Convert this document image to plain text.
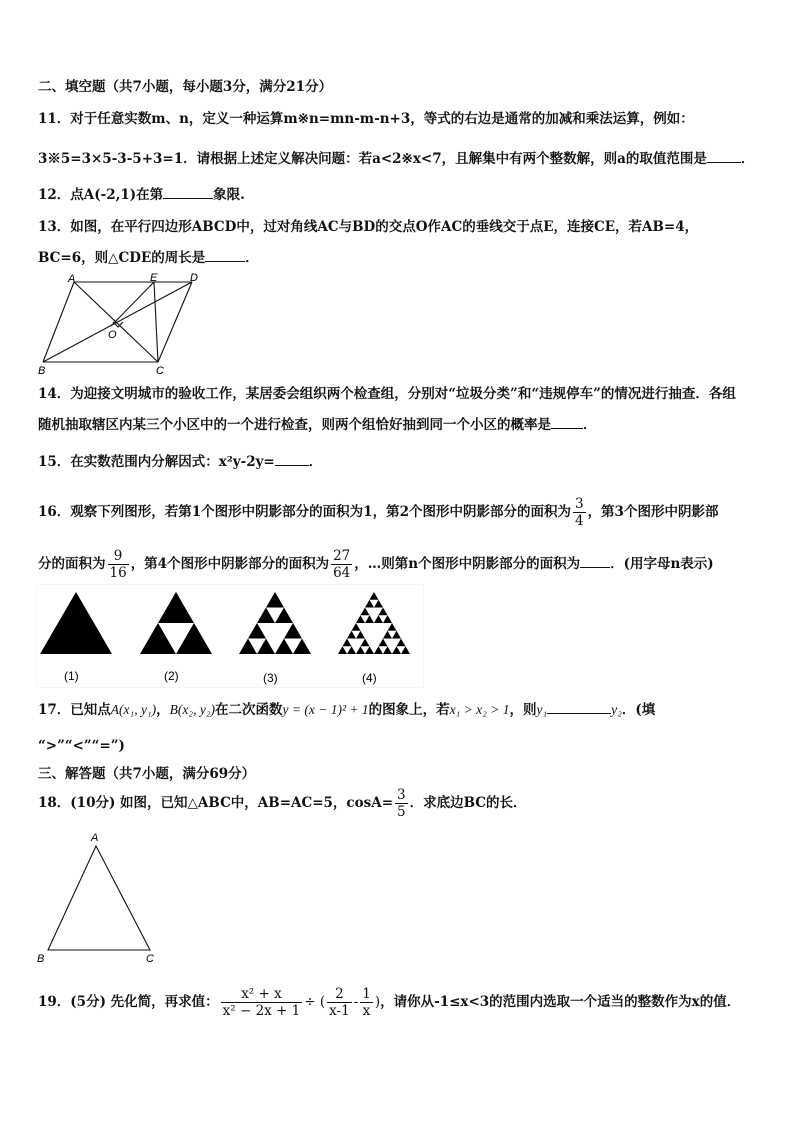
二、填空题（共7小题，每小题3分，满分21分）
11．对于任意实数m、n，定义一种运算m※n=mn-m-n+3，等式的右边是通常的加减和乘法运算，例如：
3※5=3×5-3-5+3=1．请根据上述定义解决问题：若a<2※x<7，且解集中有两个整数解，则a的取值范围是	．
12．点A(-2,1)在第	象限.
13．如图，在平行四边形ABCD中，过对角线AC与BD的交点O作AC的垂线交于点E，连接CE，若AB=4，
BC=6，则△CDE的周长是	．
A	E	D
O
B	C
14．为迎接文明城市的验收工作，某居委会组织两个检查组，分别对“垃圾分类”和“违规停车”的情况进行抽查．各组
随机抽取辖区内某三个小区中的一个进行检查，则两个组恰好抽到同一个小区的概率是 ．
15．在实数范围内分解因式：x²y-2y=	．
16．观察下列图形，若第1个图形中阴影部分的面积为1，第2个图形中阴影部分的面积为 $\frac{3}{4}$ ，第3个图形中阴影部
分的面积为 $\frac{9}{16}$ ，第4个图形中阴影部分的面积为 $\frac{27}{64}$ ，…则第n个图形中阴影部分的面积为 ．(用字母n表示)
(1)	(2)	(3)	(4)
17．已知点A(x₁, y₁)，B(x₂, y₂)在二次函数y = (x − 1)² + 1的图象上，若x₁ > x₂ > 1，则y₁	y₂．(填
“>”“<”“=”)
三、解答题（共7小题，满分69分）
18．(10分) 如图，已知△ABC中，AB=AC=5，$\cos A= \frac{3}{5}$ ．求底边BC的长．
A
B	C
19．(5分) 先化简，再求值： $\frac{\text{x² + x}}{\text{x² − 2x + 1}}$ ÷ ( $\frac{2}{x-1} - \frac{1}{x}$ )，请你从-1≤x<3的范围内选取一个适当的整数作为x的值．
